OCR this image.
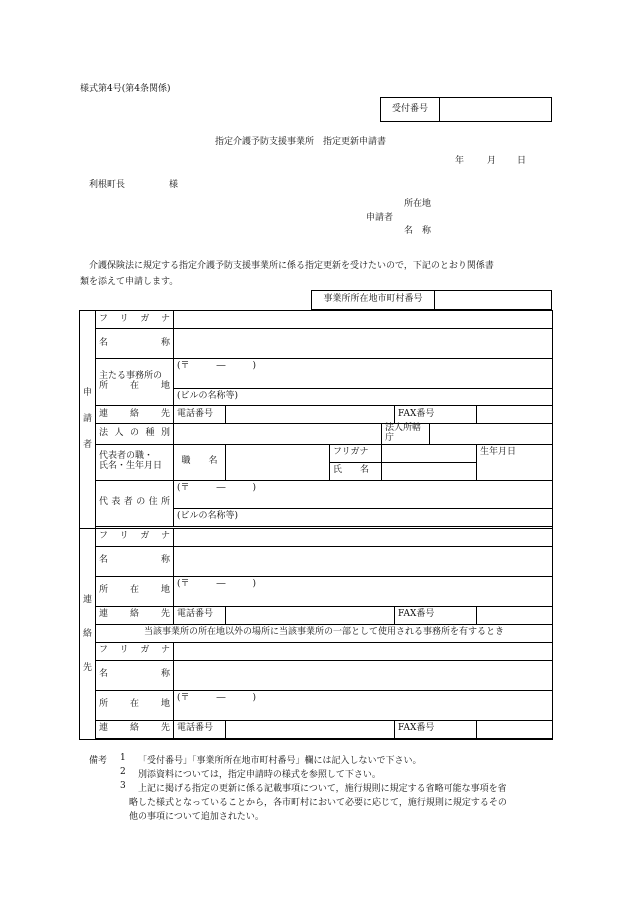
様式第4号(第4条関係)
受付番号	
指定介護予防支援事業所　指定更新申請書
年	月 日
利根町長	様
所在地
申請者
名　称
介護保険法に規定する指定介護予防支援事業所に係る指定更新を受けたいので，下記のとおり関係書
類を添えて申請します。
事業所所在地市町村番号	
申
請
者	フ　リ　ガ　ナ							
	名　　　　　称							

	主たる事務所の
所　　在　　地	(〒　　　―　　　)						
		(ビルの名称等)						
	連　　絡　　先	電話番号				FAX番号		
	法 人 の 種 別				法人所轄庁			

	代表者の職・
氏名・生年月日	職　　名		フリガナ				生年月日
				氏　　名				
	代 表 者 の 住 所	(〒　　　―　　　)						
		(ビルの名称等)						

連
絡
先	フ　リ　ガ　ナ							
	名　　　　　称							
	所　　在　　地	(〒　　　―　　　)						
	連　　絡　　先	電話番号				FAX番号		
	当該事業所の所在地以外の場所に当該事業所の一部として使用される事務所を有するとき							
	フ　リ　ガ　ナ							
	名　　　　　称							
	所　　在　　地	(〒　　　―　　　)						
	連　　絡　　先	電話番号				FAX番号		

備考 1 「受付番号」「事業所所在地市町村番号」欄には記入しないで下さい。
2 別添資料については，指定申請時の様式を参照して下さい。
3 上記に掲げる指定の更新に係る記載事項について，施行規則に規定する省略可能な事項を省
略した様式となっていることから，各市町村において必要に応じて，施行規則に規定するその
他の事項について追加されたい。
